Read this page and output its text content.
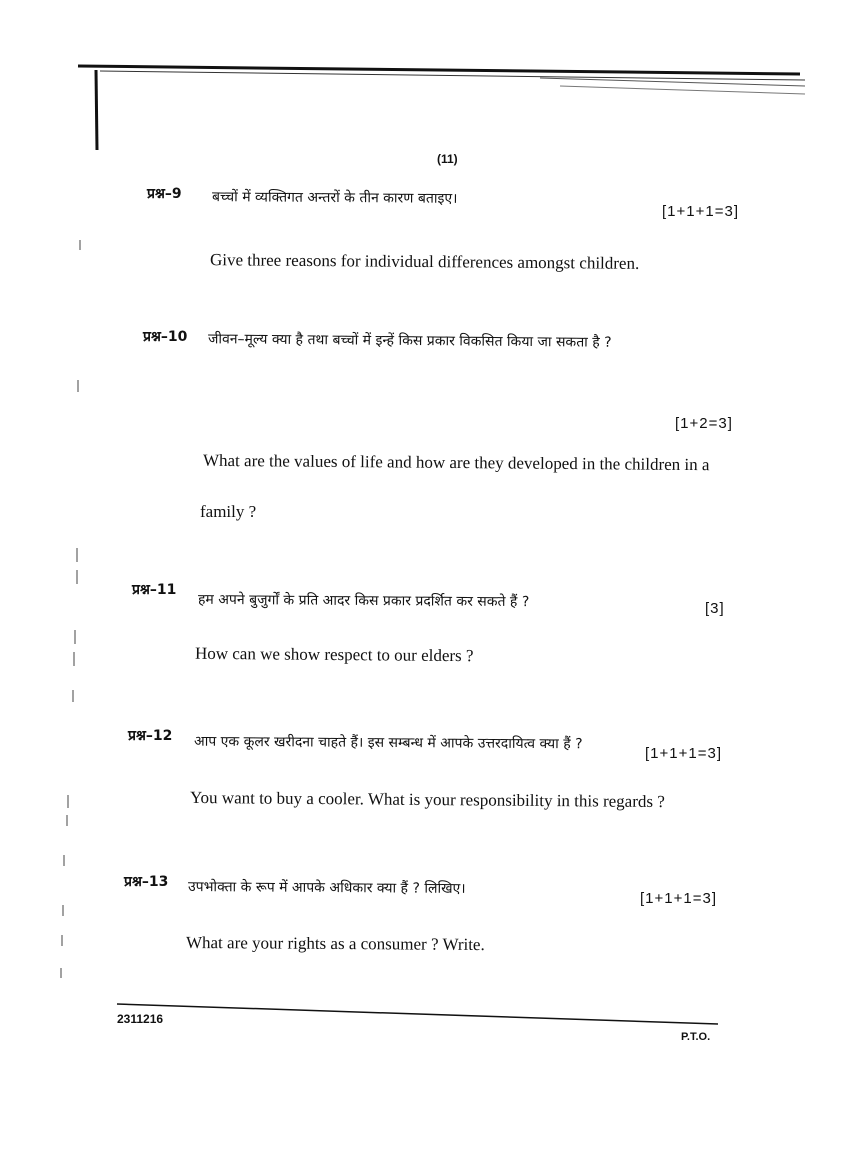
(11)
प्रश्न–9 बच्चों में व्यक्तिगत अन्तरों के तीन कारण बताइए।
[1+1+1=3]
Give three reasons for individual differences amongst children.
प्रश्न–10 जीवन–मूल्य क्या है तथा बच्चों में इन्हें किस प्रकार विकसित किया जा सकता है ?
[1+2=3]
What are the values of life and how are they developed in the children in a
family ?
प्रश्न–11
हम अपने बुजुर्गों के प्रति आदर किस प्रकार प्रदर्शित कर सकते हैं ?	[3]
How can we show respect to our elders ?
प्रश्न–12 आप एक कूलर खरीदना चाहते हैं। इस सम्बन्ध में आपके उत्तरदायित्व क्या हैं ?
[1+1+1=3]
You want to buy a cooler. What is your responsibility in this regards ?
प्रश्न–13 उपभोक्ता के रूप में आपके अधिकार क्या हैं ? लिखिए।
[1+1+1=3]
What are your rights as a consumer ? Write.
2311216
P.T.O.
